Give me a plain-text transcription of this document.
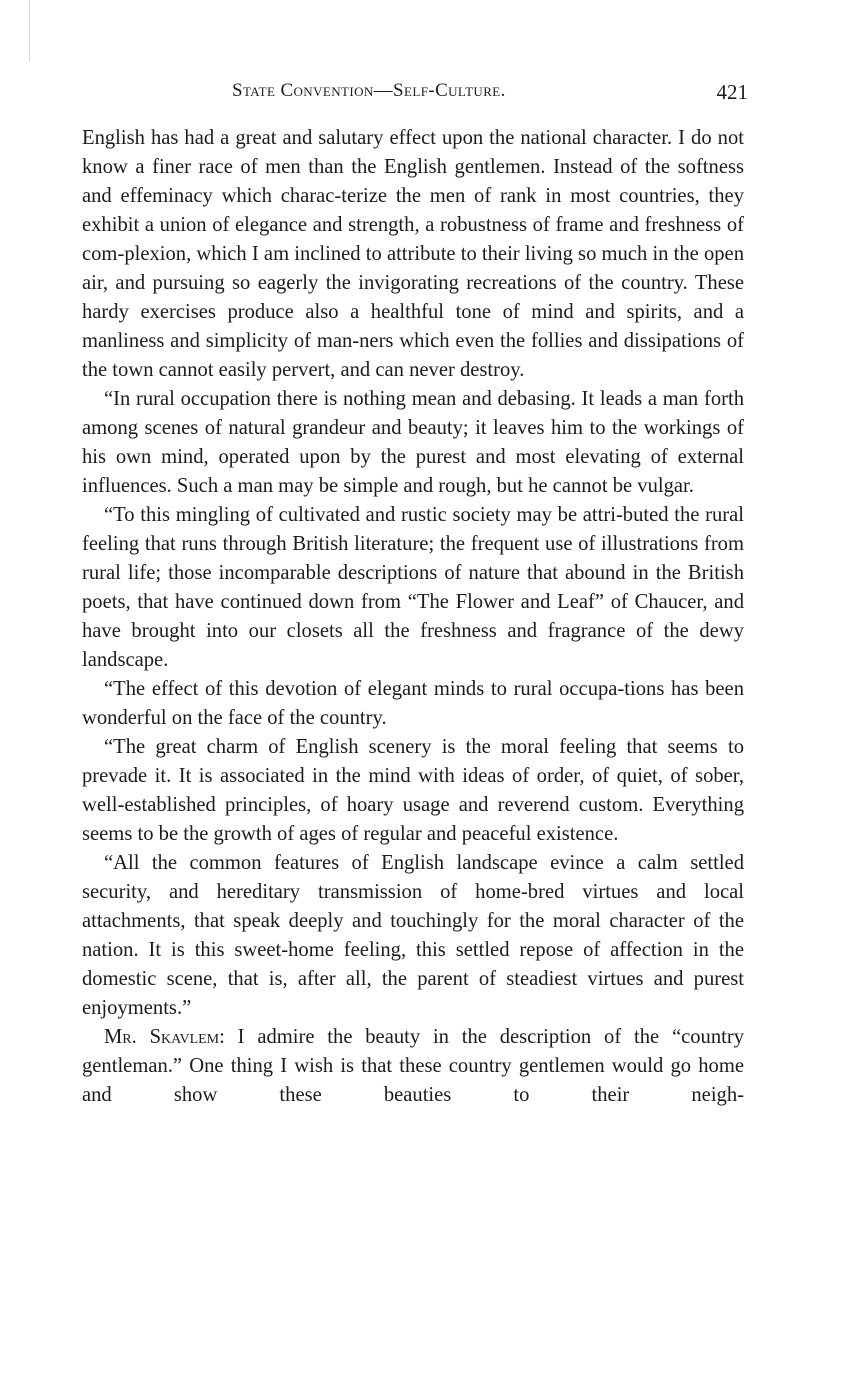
State Convention—Self-Culture.	421

English has had a great and salutary effect upon the national character. I do not know a finer race of men than the English gentlemen. Instead of the softness and effeminacy which charac-terize the men of rank in most countries, they exhibit a union of elegance and strength, a robustness of frame and freshness of com-plexion, which I am inclined to attribute to their living so much in the open air, and pursuing so eagerly the invigorating recreations of the country. These hardy exercises produce also a healthful tone of mind and spirits, and a manliness and simplicity of man-ners which even the follies and dissipations of the town cannot easily pervert, and can never destroy.

“In rural occupation there is nothing mean and debasing. It leads a man forth among scenes of natural grandeur and beauty; it leaves him to the workings of his own mind, operated upon by the purest and most elevating of external influences. Such a man may be simple and rough, but he cannot be vulgar.

“To this mingling of cultivated and rustic society may be attri-buted the rural feeling that runs through British literature; the frequent use of illustrations from rural life; those incomparable descriptions of nature that abound in the British poets, that have continued down from “The Flower and Leaf” of Chaucer, and have brought into our closets all the freshness and fragrance of the dewy landscape.

“The effect of this devotion of elegant minds to rural occupa-tions has been wonderful on the face of the country.

“The great charm of English scenery is the moral feeling that seems to prevade it. It is associated in the mind with ideas of order, of quiet, of sober, well-established principles, of hoary usage and reverend custom. Everything seems to be the growth of ages of regular and peaceful existence.

“All the common features of English landscape evince a calm settled security, and hereditary transmission of home-bred virtues and local attachments, that speak deeply and touchingly for the moral character of the nation. It is this sweet-home feeling, this settled repose of affection in the domestic scene, that is, after all, the parent of steadiest virtues and purest enjoyments.”

Mr. Skavlem: I admire the beauty in the description of the “country gentleman.” One thing I wish is that these country gentlemen would go home and show these beauties to their neigh-
